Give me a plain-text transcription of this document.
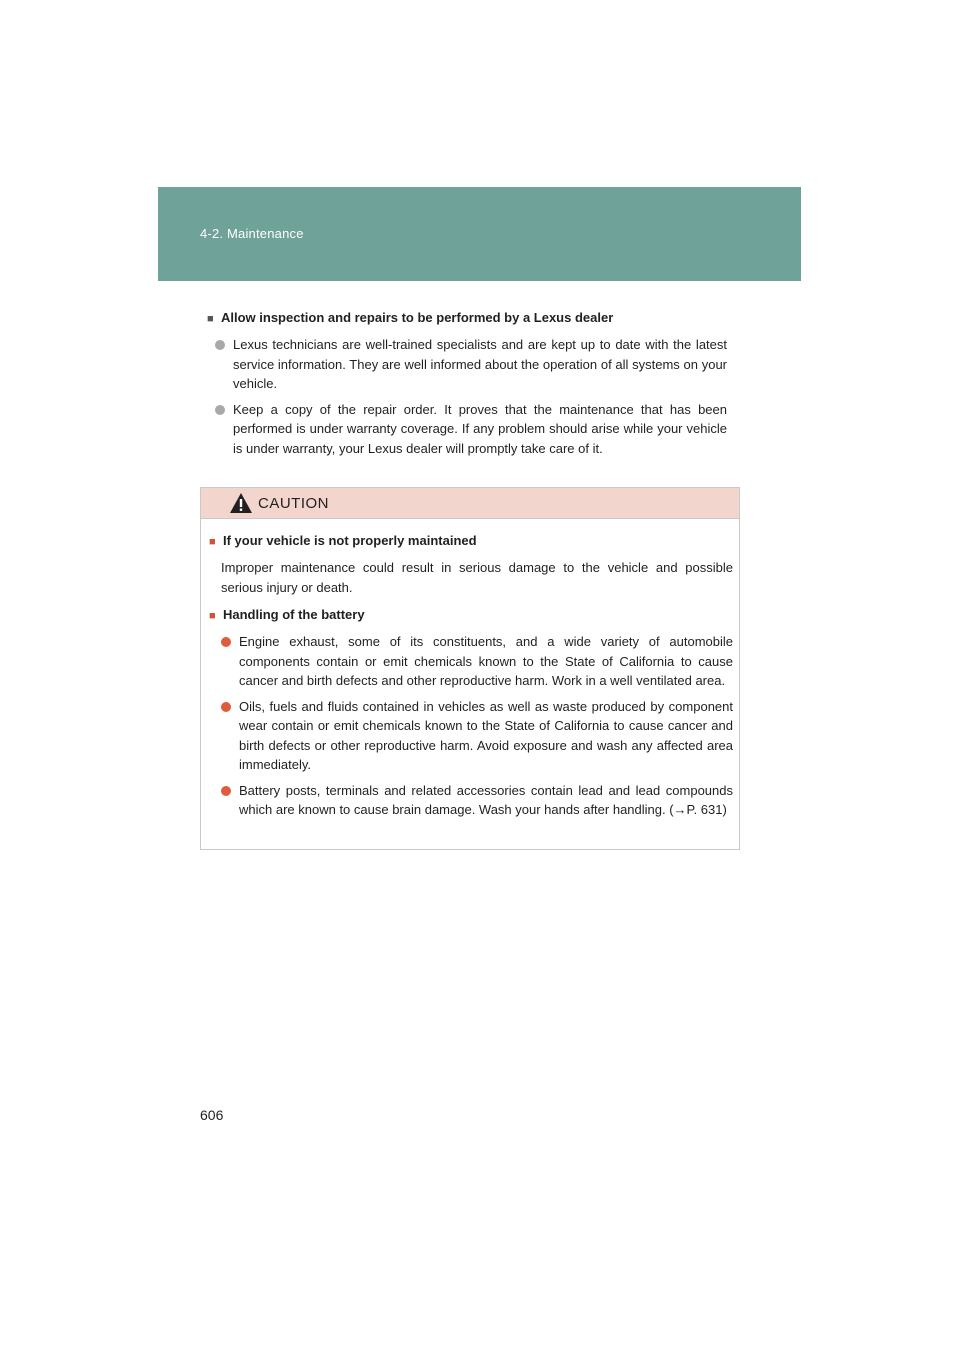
4-2. Maintenance
■ Allow inspection and repairs to be performed by a Lexus dealer
Lexus technicians are well-trained specialists and are kept up to date with the latest service information. They are well informed about the operation of all systems on your vehicle.
Keep a copy of the repair order. It proves that the maintenance that has been performed is under warranty coverage. If any problem should arise while your vehicle is under warranty, your Lexus dealer will promptly take care of it.
CAUTION
■ If your vehicle is not properly maintained
Improper maintenance could result in serious damage to the vehicle and possible serious injury or death.
■ Handling of the battery
Engine exhaust, some of its constituents, and a wide variety of automobile components contain or emit chemicals known to the State of California to cause cancer and birth defects and other reproductive harm. Work in a well ventilated area.
Oils, fuels and fluids contained in vehicles as well as waste produced by component wear contain or emit chemicals known to the State of California to cause cancer and birth defects or other reproductive harm. Avoid exposure and wash any affected area immediately.
Battery posts, terminals and related accessories contain lead and lead compounds which are known to cause brain damage. Wash your hands after handling. (→P. 631)
606
